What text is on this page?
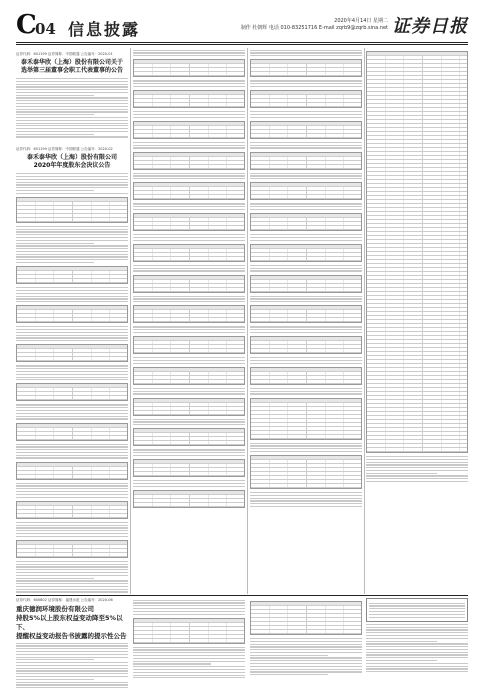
C
04 信息披露	2020年4月14日 星期二
制作 杜朝辉 电话 010-83251716 E-mail zqrb9@zqrb.sina.net 证券日报
证券代码：601199 证券简称：中国联通 公告编号：2020-01
泰禾泰华欣（上海）股份有限公司关于
选举第三届董事会职工代表董事的公告
证券代码：601199 证券简称：中国联通 公告编号：2020-02
泰禾泰华欣（上海）股份有限公司
2020年年度股东会决议公告
证券代码：600802 证券简称：福建水泥 公告编号：2020-06
重庆德润环境股份有限公司
持股5%以上股东权益变动降至5%以下、
提醒权益变动报告书披露的提示性公告
